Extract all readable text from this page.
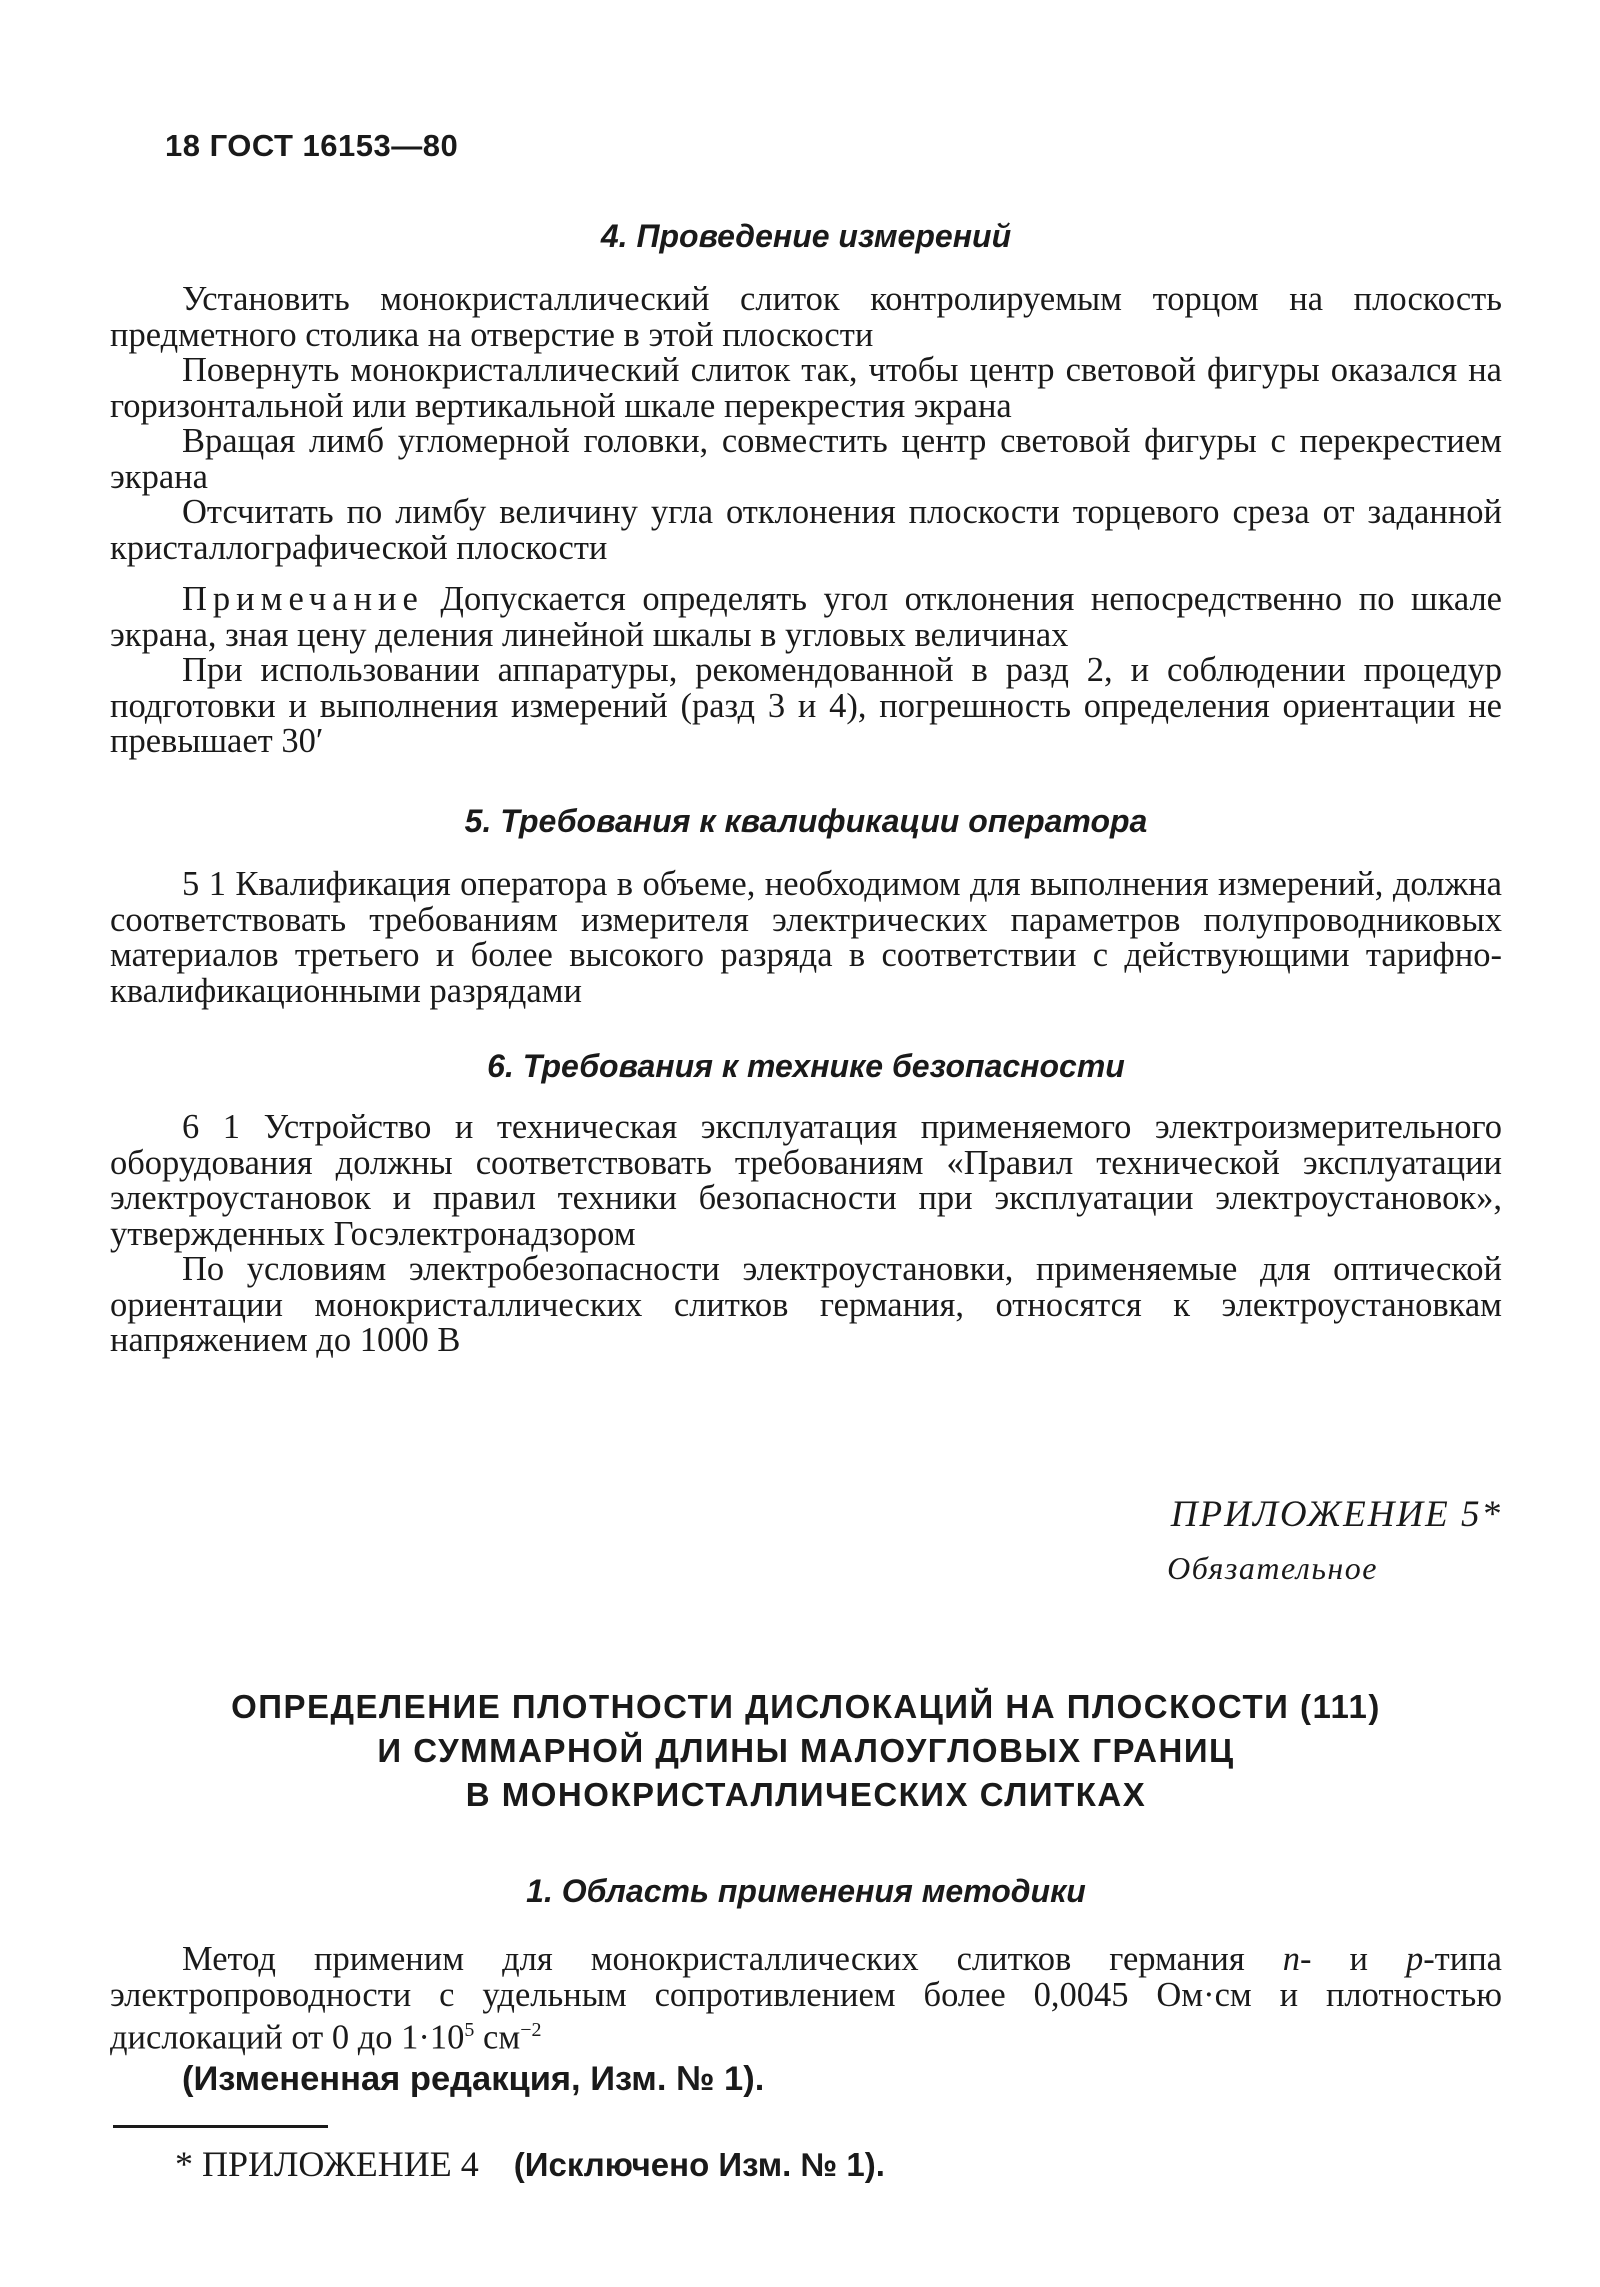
18 ГОСТ 16153—80
4. Проведение измерений

Установить монокристаллический слиток контролируемым торцом на плоскость предметного столика на отверстие в этой плоскости

Повернуть монокристаллический слиток так, чтобы центр световой фигуры оказался на горизонтальной или вертикальной шкале перекрестия экрана

Вращая лимб угломерной головки, совместить центр световой фигуры с перекрестием экрана

Отсчитать по лимбу величину угла отклонения плоскости торцевого среза от заданной кристаллографической плоскости

Примечание Допускается определять угол отклонения непосредственно по шкале экрана, зная цену деления линейной шкалы в угловых величинах

При использовании аппаратуры, рекомендованной в разд 2, и соблюдении процедур подготовки и выполнения измерений (разд 3 и 4), погрешность определения ориентации не превышает 30′

5. Требования к квалификации оператора

5 1 Квалификация оператора в объеме, необходимом для выполнения измерений, должна соответствовать требованиям измерителя электрических параметров полупроводниковых материалов третьего и более высокого разряда в соответствии с действующими тарифно-квалификационными разрядами

6. Требования к технике безопасности

6 1 Устройство и техническая эксплуатация применяемого электроизмерительного оборудования должны соответствовать требованиям «Правил технической эксплуатации электроустановок и правил техники безопасности при эксплуатации электроустановок», утвержденных Госэлектронадзором

По условиям электробезопасности электроустановки, применяемые для оптической ориентации монокристаллических слитков германия, относятся к электроустановкам напряжением до 1000 В

ПРИЛОЖЕНИЕ 5*
Обязательное
ОПРЕДЕЛЕНИЕ ПЛОТНОСТИ ДИСЛОКАЦИЙ НА ПЛОСКОСТИ (111)
И СУММАРНОЙ ДЛИНЫ МАЛОУГЛОВЫХ ГРАНИЦ
В МОНОКРИСТАЛЛИЧЕСКИХ СЛИТКАХ
1. Область применения методики

Метод применим для монокристаллических слитков германия n- и p-типа электропроводности с удельным сопротивлением более 0,0045 Ом·см и плотностью дислокаций от 0 до $1\cdot 10^5$ $см^{-2}$

(Измененная редакция, Изм. № 1).

* ПРИЛОЖЕНИЕ 4 (Исключено Изм. № 1).
